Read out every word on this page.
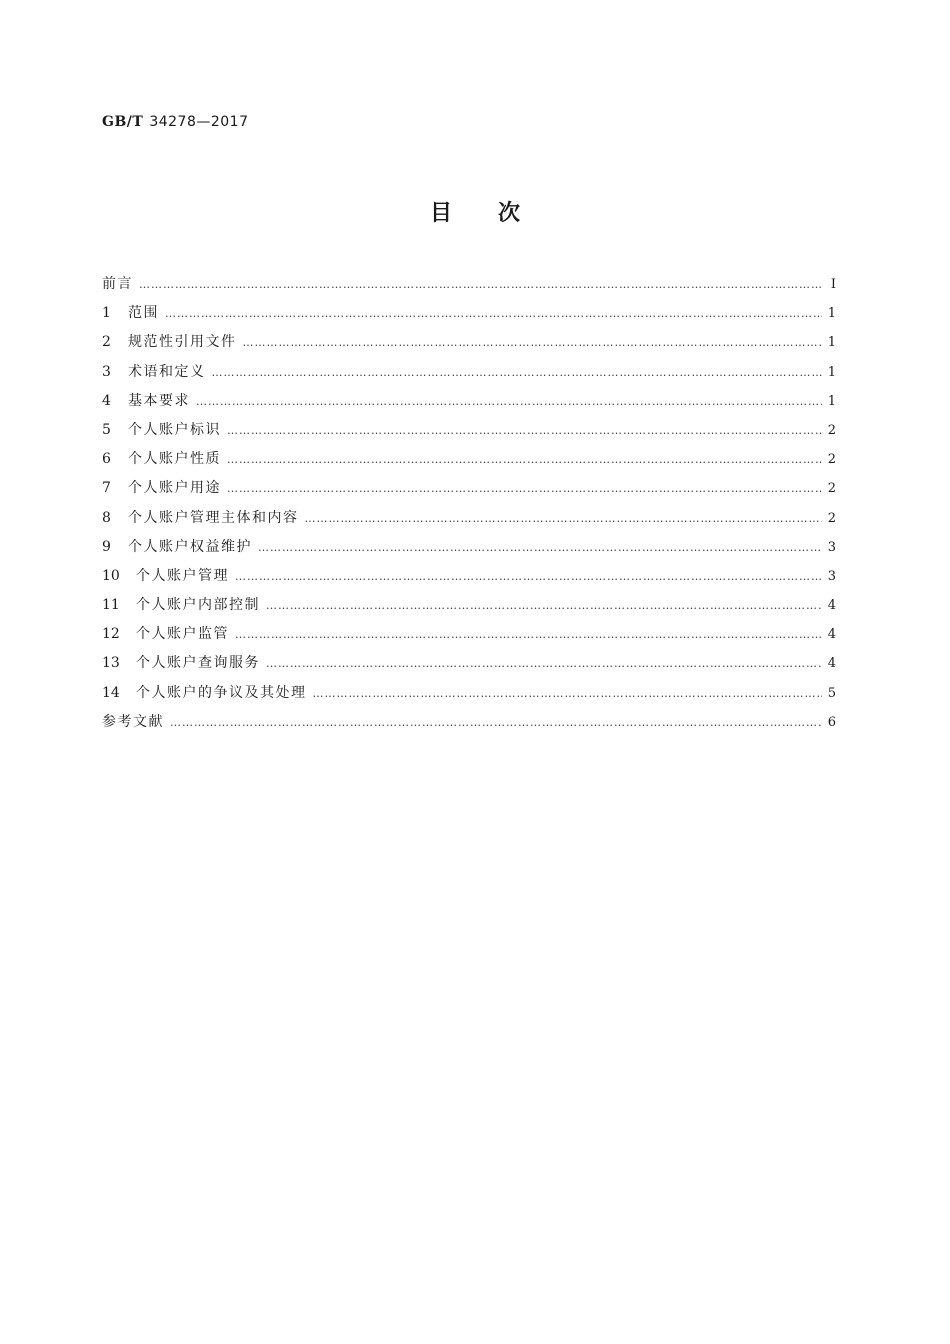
GB/T 34278—2017
目次
前言 ……………………………………………………………………………………………………………………………………………………………………………………………………………………………………	Ⅰ
1	范围 ……………………………………………………………………………………………………………………………………………………………………………………………………………………………………	1
2	规范性引用文件 ……………………………………………………………………………………………………………………………………………………………………………………………………………………………………	1
3	术语和定义 ……………………………………………………………………………………………………………………………………………………………………………………………………………………………………	1
4	基本要求 ……………………………………………………………………………………………………………………………………………………………………………………………………………………………………	1
5	个人账户标识 ……………………………………………………………………………………………………………………………………………………………………………………………………………………………………	2
6	个人账户性质 ……………………………………………………………………………………………………………………………………………………………………………………………………………………………………	2
7	个人账户用途 ……………………………………………………………………………………………………………………………………………………………………………………………………………………………………	2
8	个人账户管理主体和内容 ……………………………………………………………………………………………………………………………………………………………………………………………………………………………………	2
9	个人账户权益维护 ……………………………………………………………………………………………………………………………………………………………………………………………………………………………………	3
10	个人账户管理 ……………………………………………………………………………………………………………………………………………………………………………………………………………………………………	3
11	个人账户内部控制 ……………………………………………………………………………………………………………………………………………………………………………………………………………………………………	4
12	个人账户监管 ……………………………………………………………………………………………………………………………………………………………………………………………………………………………………	4
13	个人账户查询服务 ……………………………………………………………………………………………………………………………………………………………………………………………………………………………………	4
14	个人账户的争议及其处理 ……………………………………………………………………………………………………………………………………………………………………………………………………………………………………	5
参考文献 ……………………………………………………………………………………………………………………………………………………………………………………………………………………………………	6
